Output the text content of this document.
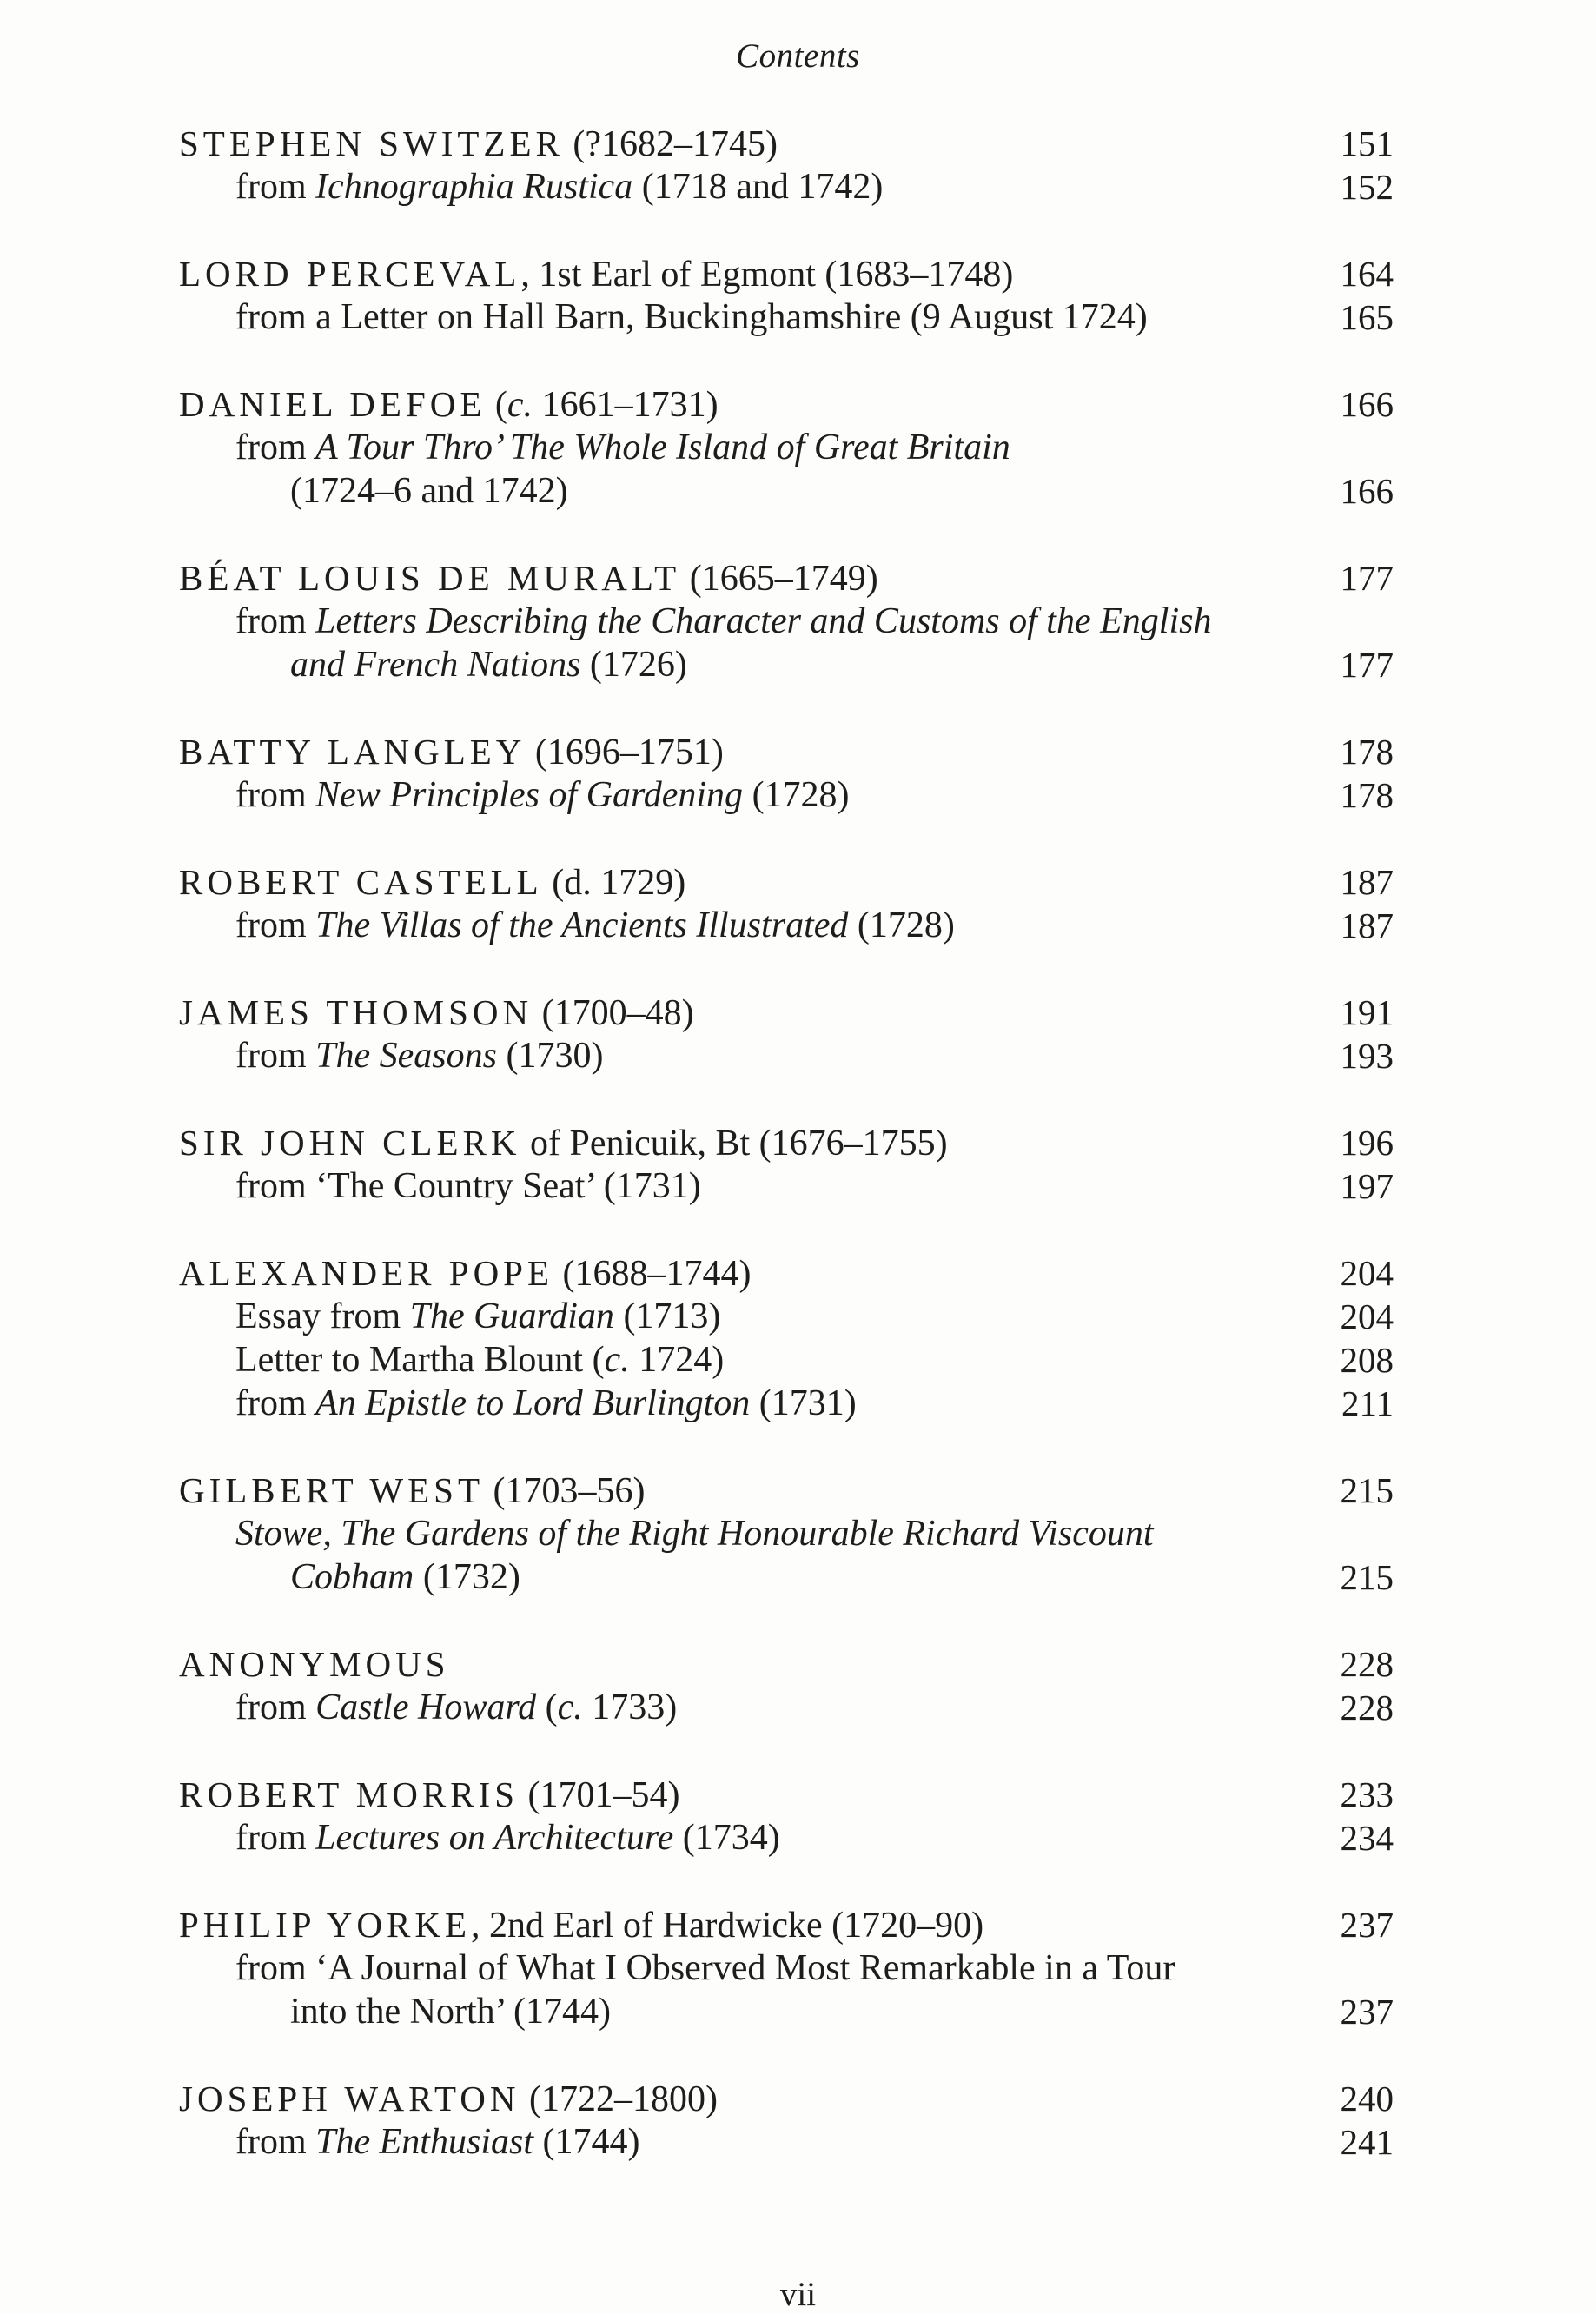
Contents
STEPHEN SWITZER (?1682–1745)	151
from Ichnographia Rustica (1718 and 1742)	152
LORD PERCEVAL, 1st Earl of Egmont (1683–1748)	164
from a Letter on Hall Barn, Buckinghamshire (9 August 1724)	165
DANIEL DEFOE (c. 1661–1731)	166
from A Tour Thro’ The Whole Island of Great Britain
(1724–6 and 1742)	166
BÉAT LOUIS DE MURALT (1665–1749)	177
from Letters Describing the Character and Customs of the English
and French Nations (1726)	177
BATTY LANGLEY (1696–1751)	178
from New Principles of Gardening (1728)	178
ROBERT CASTELL (d. 1729)	187
from The Villas of the Ancients Illustrated (1728)	187
JAMES THOMSON (1700–48)	191
from The Seasons (1730)	193
SIR JOHN CLERK of Penicuik, Bt (1676–1755)	196
from ‘The Country Seat’ (1731)	197
ALEXANDER POPE (1688–1744)	204
Essay from The Guardian (1713)	204
Letter to Martha Blount (c. 1724)	208
from An Epistle to Lord Burlington (1731)	211
GILBERT WEST (1703–56)	215
Stowe, The Gardens of the Right Honourable Richard Viscount
Cobham (1732)	215
ANONYMOUS	228
from Castle Howard (c. 1733)	228
ROBERT MORRIS (1701–54)	233
from Lectures on Architecture (1734)	234
PHILIP YORKE, 2nd Earl of Hardwicke (1720–90)	237
from ‘A Journal of What I Observed Most Remarkable in a Tour
into the North’ (1744)	237
JOSEPH WARTON (1722–1800)	240
from The Enthusiast (1744)	241
vii
